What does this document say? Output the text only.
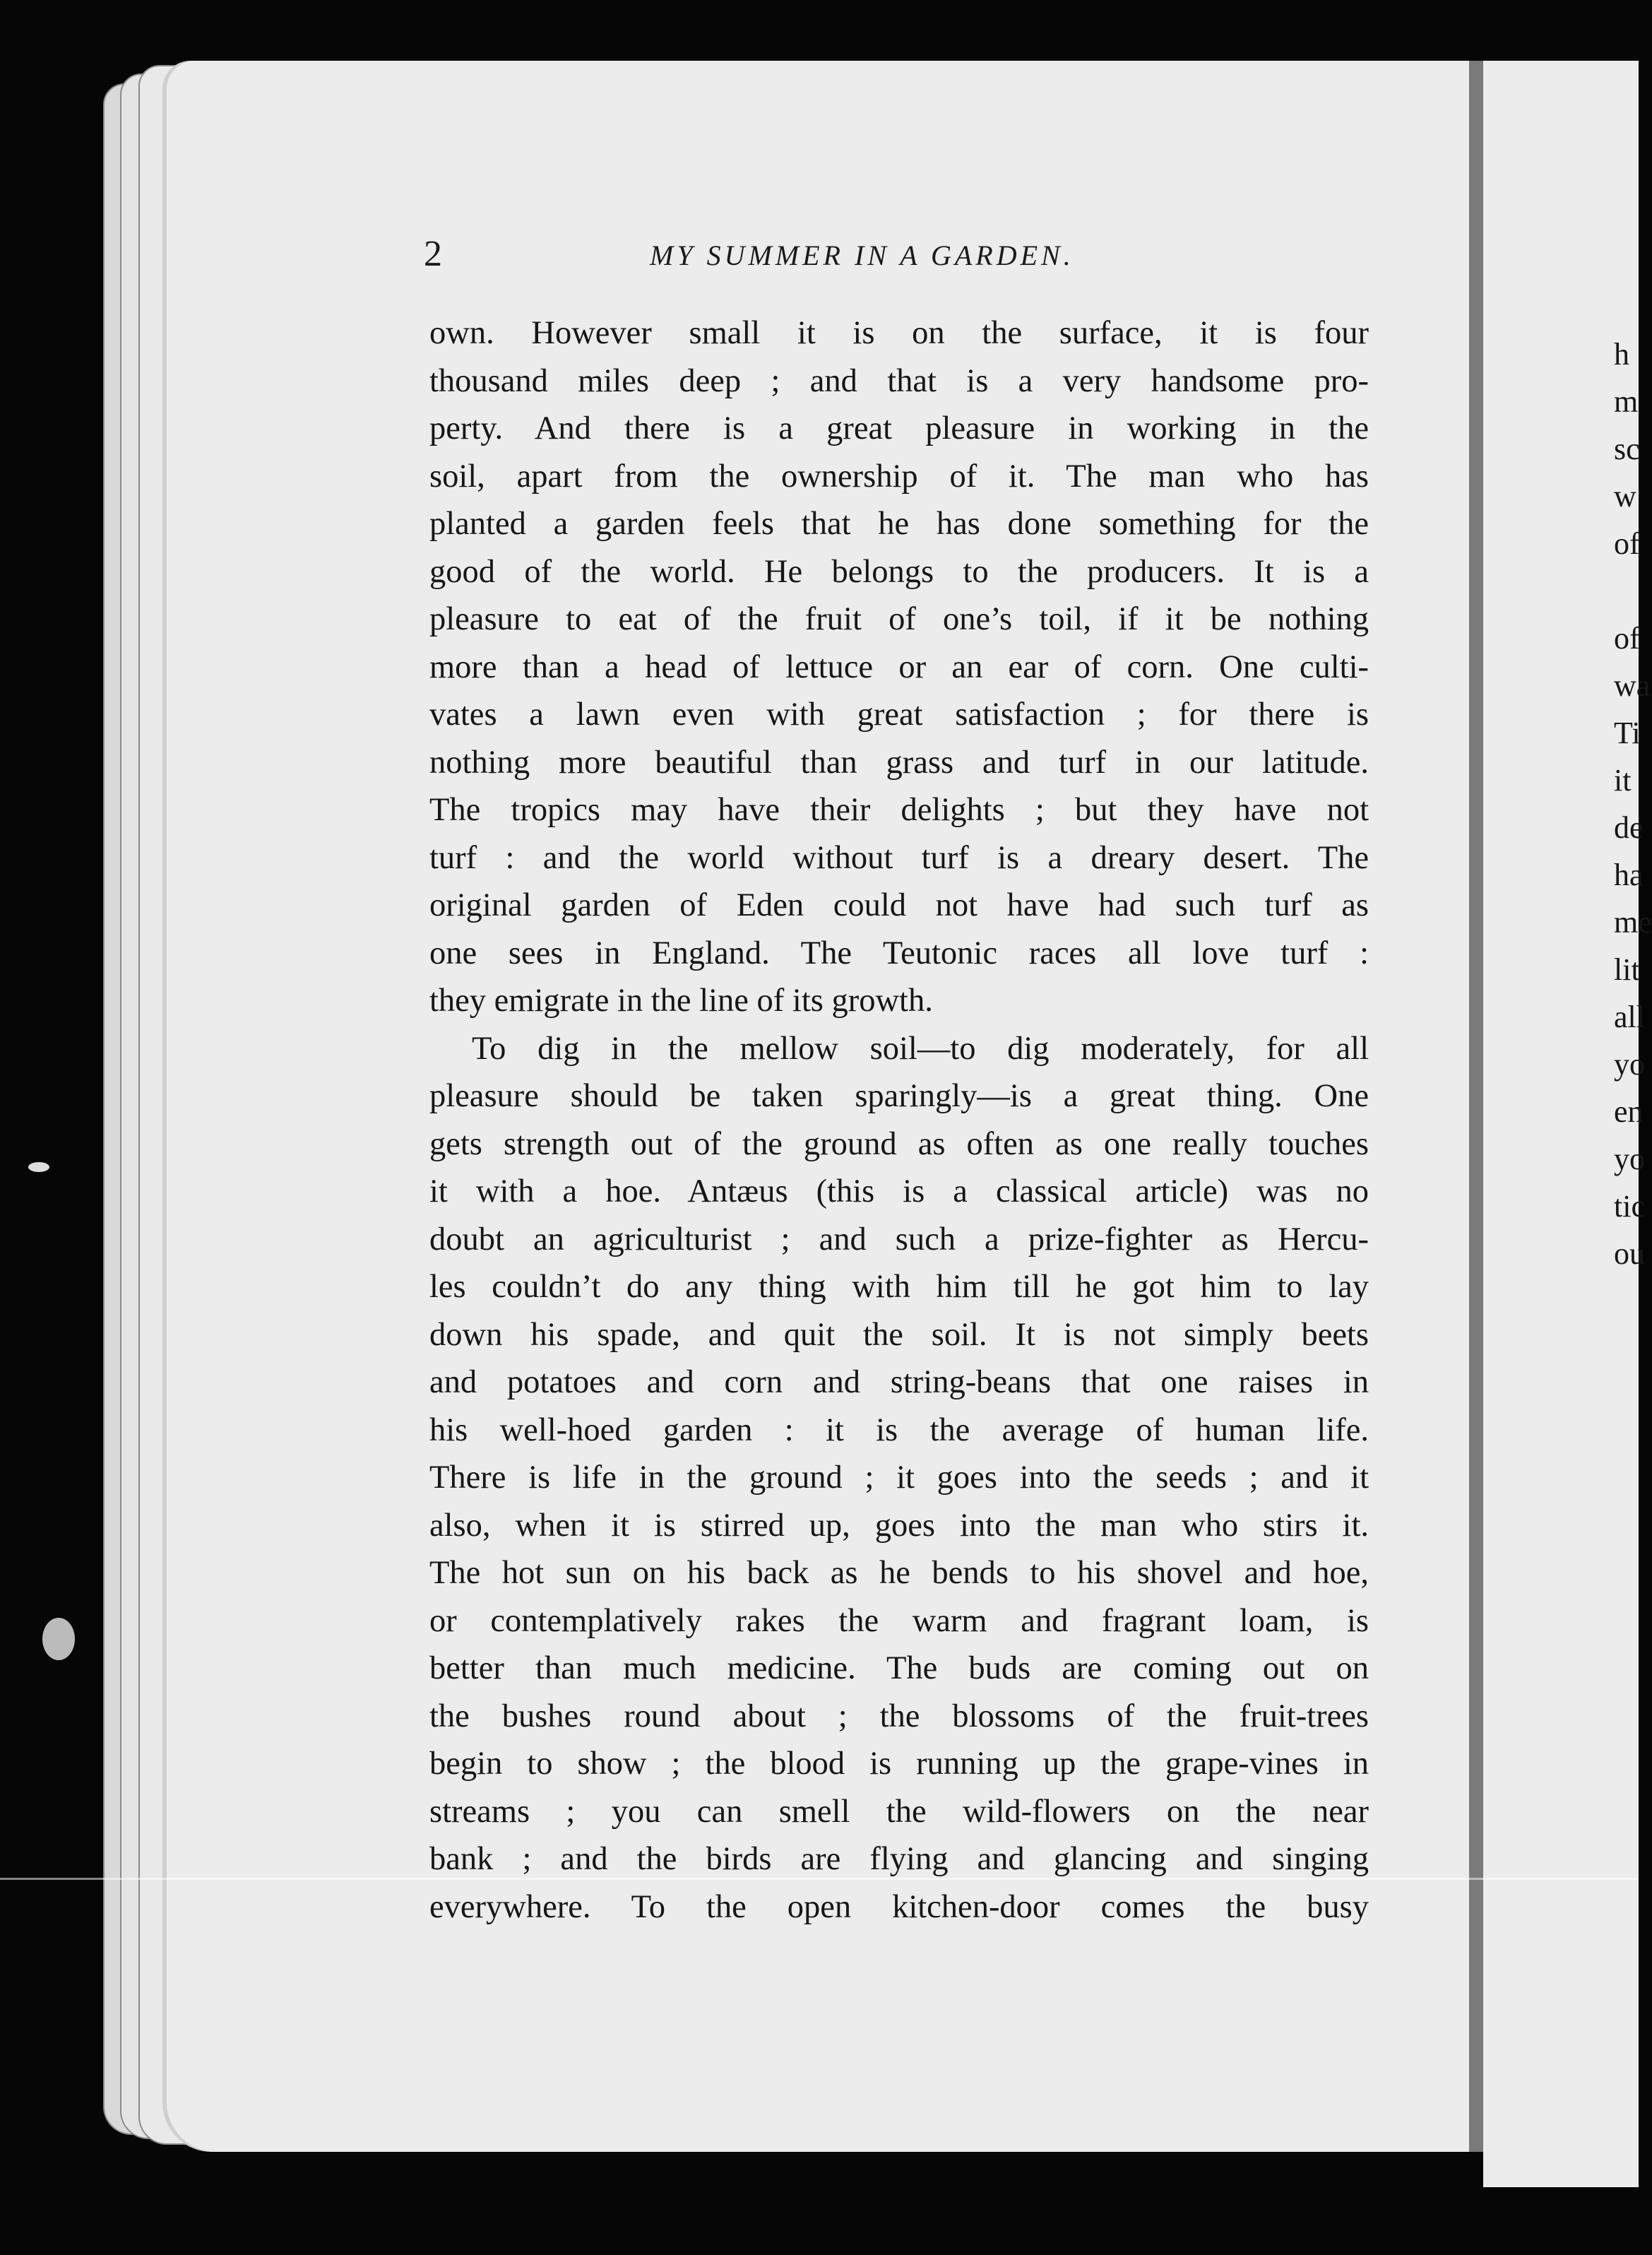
2	MY SUMMER IN A GARDEN.
own. However small it is on the surface, it is four
thousand miles deep ; and that is a very handsome pro-
perty. And there is a great pleasure in working in the
soil, apart from the ownership of it. The man who has
planted a garden feels that he has done something for the
good of the world. He belongs to the producers. It is a
pleasure to eat of the fruit of one’s toil, if it be nothing
more than a head of lettuce or an ear of corn. One culti-
vates a lawn even with great satisfaction ; for there is
nothing more beautiful than grass and turf in our latitude.
The tropics may have their delights ; but they have not
turf : and the world without turf is a dreary desert. The
original garden of Eden could not have had such turf as
one sees in England. The Teutonic races all love turf :
they emigrate in the line of its growth.
To dig in the mellow soil—to dig moderately, for all
pleasure should be taken sparingly—is a great thing. One
gets strength out of the ground as often as one really touches
it with a hoe. Antæus (this is a classical article) was no
doubt an agriculturist ; and such a prize-fighter as Hercu-
les couldn’t do any thing with him till he got him to lay
down his spade, and quit the soil. It is not simply beets
and potatoes and corn and string-beans that one raises in
his well-hoed garden : it is the average of human life.
There is life in the ground ; it goes into the seeds ; and it
also, when it is stirred up, goes into the man who stirs it.
The hot sun on his back as he bends to his shovel and hoe,
or contemplatively rakes the warm and fragrant loam, is
better than much medicine. The buds are coming out on
the bushes round about ; the blossoms of the fruit-trees
begin to show ; the blood is running up the grape-vines in
streams ; you can smell the wild-flowers on the near
bank ; and the birds are flying and glancing and singing
everywhere. To the open kitchen-door comes the busy
h
m
sc
w
of
of
wa
Ti
it
de
ha
me
lit
all
yo
en
yo
tic
ou
